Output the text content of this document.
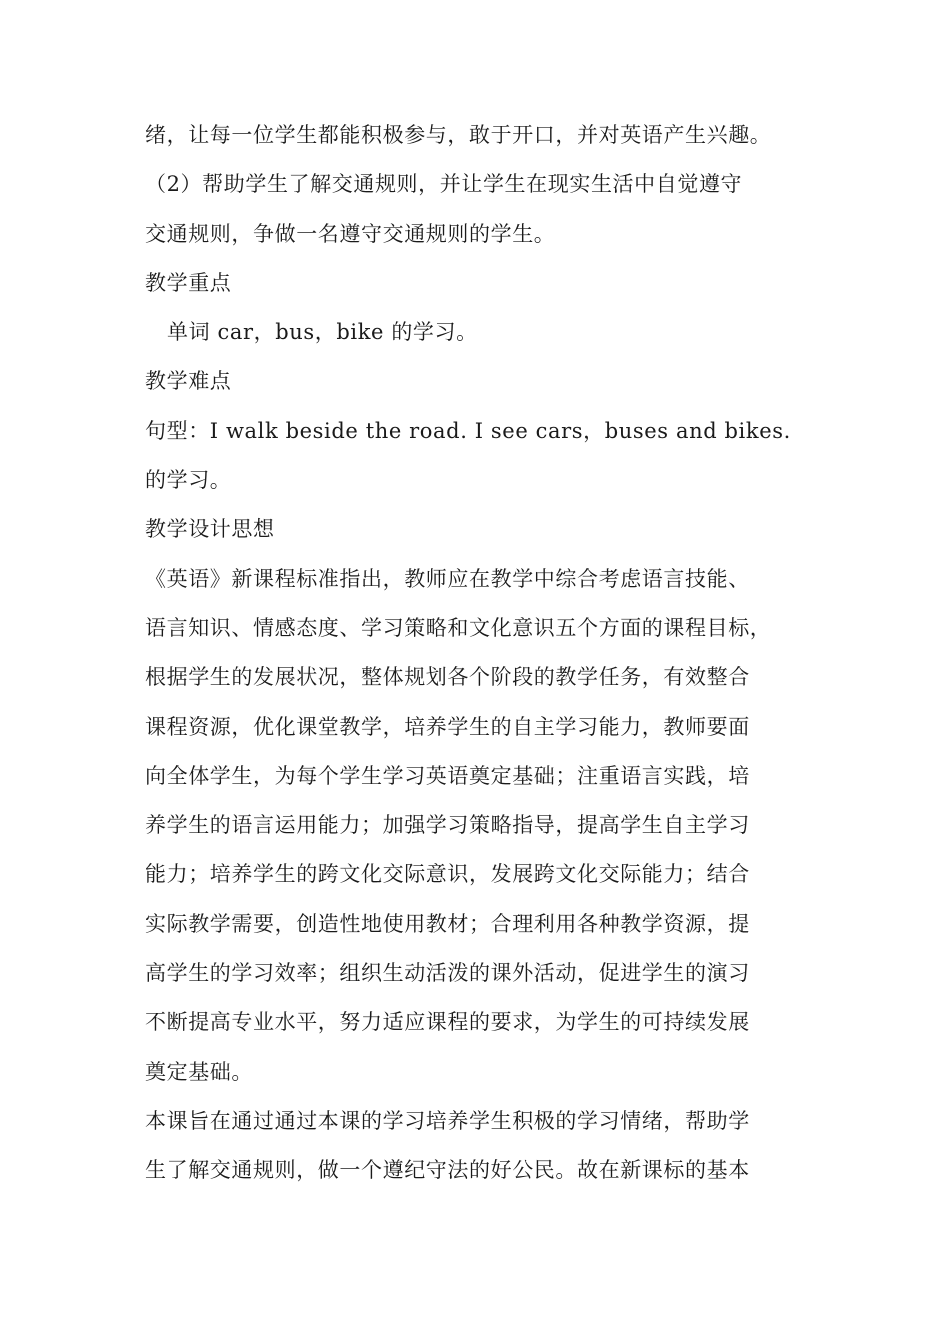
绪，让每一位学生都能积极参与，敢于开口，并对英语产生兴趣。
（2）帮助学生了解交通规则，并让学生在现实生活中自觉遵守
交通规则，争做一名遵守交通规则的学生。
教学重点
单词 car，bus，bike 的学习。
教学难点
句型：I walk beside the road. I see cars，buses and bikes.
的学习。
教学设计思想
《英语》新课程标准指出，教师应在教学中综合考虑语言技能、
语言知识、情感态度、学习策略和文化意识五个方面的课程目标，
根据学生的发展状况，整体规划各个阶段的教学任务，有效整合
课程资源，优化课堂教学，培养学生的自主学习能力，教师要面
向全体学生，为每个学生学习英语奠定基础；注重语言实践，培
养学生的语言运用能力；加强学习策略指导，提高学生自主学习
能力；培养学生的跨文化交际意识，发展跨文化交际能力；结合
实际教学需要，创造性地使用教材；合理利用各种教学资源，提
高学生的学习效率；组织生动活泼的课外活动，促进学生的演习
不断提高专业水平，努力适应课程的要求，为学生的可持续发展
奠定基础。
本课旨在通过通过本课的学习培养学生积极的学习情绪，帮助学
生了解交通规则，做一个遵纪守法的好公民。故在新课标的基本
